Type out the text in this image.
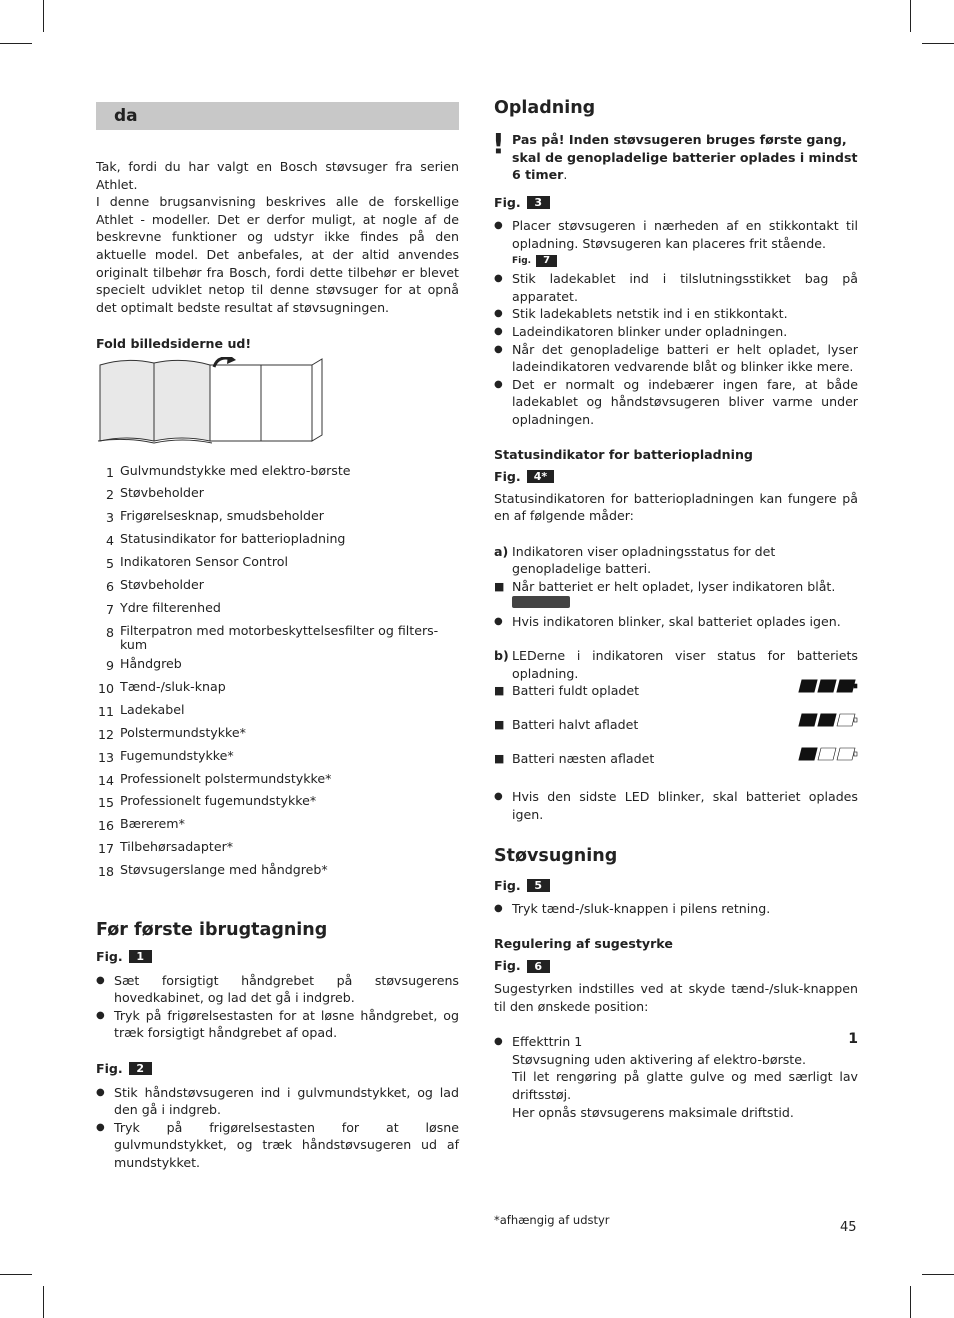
da

Tak, fordi du har valgt en Bosch støvsuger fra serien Athlet.

I denne brugsanvisning beskrives alle de forskellige Athlet - modeller. Det er derfor muligt, at nogle af de beskrevne funktioner og udstyr ikke findes på den aktuelle model. Det anbefales, at der altid anvendes originalt tilbehør fra Bosch, fordi dette tilbehør er blevet specielt udviklet netop til denne støvsuger for at opnå det optimalt bedste resultat af støvsugningen.

Fold billedsiderne ud!
1 Gulvmundstykke med elektro-børste
2 Støvbeholder
3 Frigørelsesknap, smudsbeholder
4 Statusindikator for batteriopladning
5 Indikatoren Sensor Control
6 Støvbeholder
7 Ydre filterenhed
8 Filterpatron med motorbeskyttelsesfilter og filters-kum
9 Håndgreb
10 Tænd-/sluk-knap
11 Ladekabel
12 Polstermundstykke*
13 Fugemundstykke*
14 Professionelt polstermundstykke*
15 Professionelt fugemundstykke*
16 Bærerem*
17 Tilbehørsadapter*
18 Støvsugerslange med håndgreb*
Før første ibrugtagning
Fig.	1
● Sæt forsigtigt håndgrebet på støvsugerens hovedkabinet, og lad det gå i indgreb.
● Tryk på frigørelsestasten for at løsne håndgrebet, og træk forsigtigt håndgrebet af opad.
Fig.	2
● Stik håndstøvsugeren ind i gulvmundstykket, og lad den gå i indgreb.
● Tryk på frigørelsestasten for at løsne gulvmundstykket, og træk håndstøvsugeren ud af mundstykket.
Opladning
! Pas på! Inden støvsugeren bruges første gang, skal de genopladelige batterier oplades i mindst 6 timer.
Fig.	3
● Placer støvsugeren i nærheden af en stikkontakt til opladning. Støvsugeren kan placeres frit stående.
Fig.	7
● Stik ladekablet ind i tilslutningsstikket bag på apparatet.
● Stik ladekablets netstik ind i en stikkontakt.
● Ladeindikatoren blinker under opladningen.
● Når det genopladelige batteri er helt opladet, lyser ladeindikatoren vedvarende blåt og blinker ikke mere.
● Det er normalt og indebærer ingen fare, at både ladekablet og håndstøvsugeren bliver varme under opladningen.
Statusindikator for batteriopladning
Fig.	4*

Statusindikatoren for batteriopladningen kan fungere på en af følgende måder:

a) Indikatoren viser opladningsstatus for det genopladelige batteri.
■ Når batteriet er helt opladet, lyser indikatoren blåt.
● Hvis indikatoren blinker, skal batteriet oplades igen.
b) LEDerne i indikatoren viser status for batteriets opladning.
■ Batteri fuldt opladet
■ Batteri halvt afladet
■ Batteri næsten afladet
● Hvis den sidste LED blinker, skal batteriet oplades igen.
Støvsugning
Fig.	5
● Tryk tænd-/sluk-knappen i pilens retning.
Regulering af sugestyrke
Fig.	6

Sugestyrken indstilles ved at skyde tænd-/sluk-knappen til den ønskede position:

● Effekttrin 1	1
Støvsugning uden aktivering af elektro-børste.
Til let rengøring på glatte gulve og med særligt lav driftsstøj.
Her opnås støvsugerens maksimale driftstid.
*afhængig af udstyr	45
